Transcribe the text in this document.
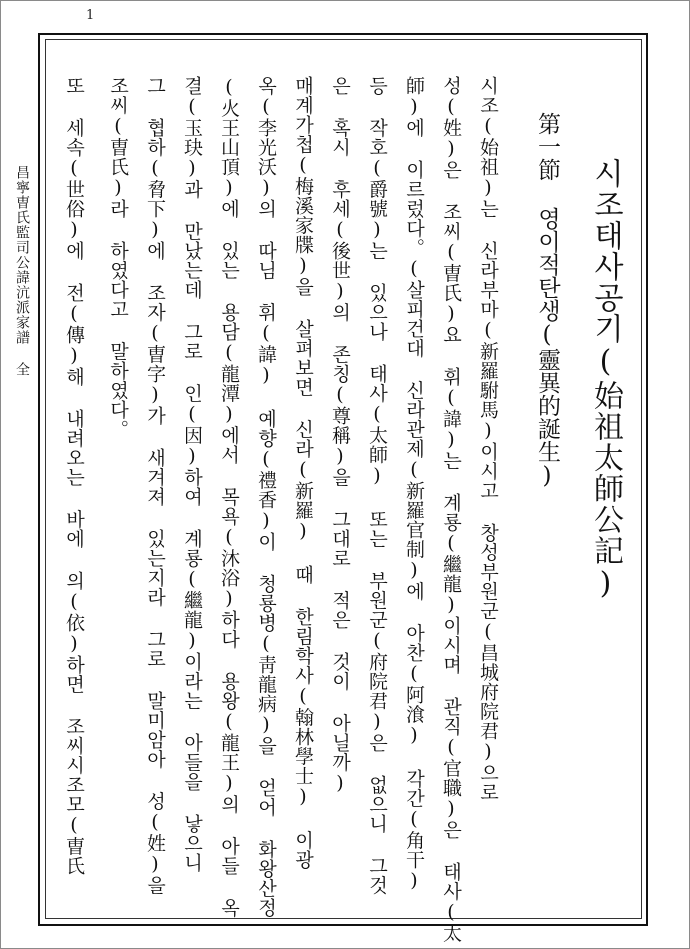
1
昌寧曺氏監司公諱沆派家譜 全	시조태사공기(始祖太師公記)

第一節영이적탄생(靈異的誕生)

시조(始祖)는 신라부마(新羅駙馬)이시고 창성부원군(昌城府院君)으로

성(姓)은 조씨(曺氏)요 휘(諱)는 계룡(繼龍)이시며 관직(官職)은 태사(太

師)에 이르렀다。(살피건대 신라관제(新羅官制)에 아찬(阿湌) 각간(角干)

등 작호(爵號)는 있으나 태사(太師) 또는 부원군(府院君)은 없으니 그것

은 혹시 후세(後世)의 존칭(尊稱)을 그대로 적은 것이 아닐까)

매계가첩(梅溪家牒)을 살펴보면 신라(新羅) 때 한림학사(翰林學士) 이광

옥(李光沃)의 따님 휘(諱) 예향(禮香)이 청룡병(靑龍病)을 얻어 화왕산정

(火王山頂)에 있는 용담(龍潭)에서 목욕(沐浴)하다 용왕(龍王)의 아들 옥

결(玉玦)과 만났는데 그로 인(因)하여 계룡(繼龍)이라는 아들을 낳으니

그 협하(脅下)에 조자(曺字)가 새겨져 있는지라 그로 말미암아 성(姓)을

조씨(曺氏)라 하였다고 말하였다。

또 세속(世俗)에 전(傳)해 내려오는 바에 의(依)하면 조씨시조모(曺氏
